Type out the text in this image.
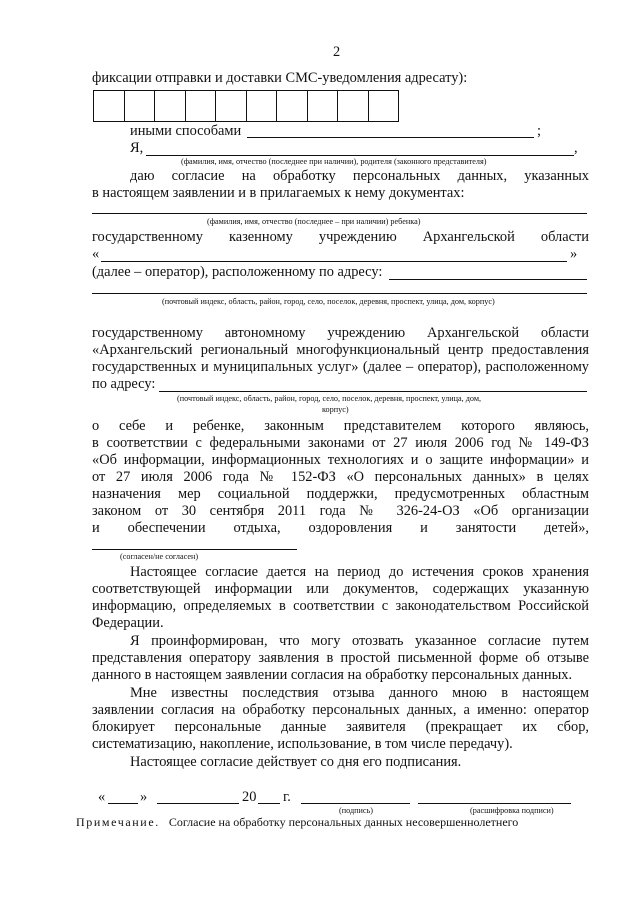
2
фиксации отправки и доставки СМС-уведомления адресату):
иными способами	;
Я,	,
(фамилия, имя, отчество (последнее при наличии), родителя (законного представителя)
даю согласие на обработку персональных данных, указанных
в настоящем заявлении и в прилагаемых к нему документах:
(фамилия, имя, отчество (последнее – при наличии) ребенка)
государственному казенному учреждению Архангельской области
«	»
(далее – оператор), расположенному по адресу:
(почтовый индекс, область, район, город, село, поселок, деревня, проспект, улица, дом, корпус)
государственному автономному учреждению Архангельской области
«Архангельский региональный многофункциональный центр предоставления
государственных и муниципальных услуг» (далее – оператор), расположенному
по адресу:
(почтовый индекс, область, район, город, село, поселок, деревня, проспект, улица, дом,
корпус)
о себе и ребенке, законным представителем которого являюсь,
в соответствии с федеральными законами от 27 июля 2006 год № 149-ФЗ
«Об информации, информационных технологиях и о защите информации» и
от 27 июля 2006 года № 152-ФЗ «О персональных данных» в целях
назначения мер социальной поддержки, предусмотренных областным
законом от 30 сентября 2011 года № 326-24-ОЗ «Об организации
и обеспечении отдыха, оздоровления и занятости детей»,
(согласен/не согласен)
Настоящее согласие дается на период до истечения сроков хранения
соответствующей информации или документов, содержащих указанную
информацию, определяемых в соответствии с законодательством Российской
Федерации.
Я проинформирован, что могу отозвать указанное согласие путем
представления оператору заявления в простой письменной форме об отзыве
данного в настоящем заявлении согласия на обработку персональных данных.
Мне известны последствия отзыва данного мною в настоящем
заявлении согласия на обработку персональных данных, а именно: оператор
блокирует персональные данные заявителя (прекращает их сбор,
систематизацию, накопление, использование, в том числе передачу).
Настоящее согласие действует со дня его подписания.
« »	20 г.
(подпись)	(расшифровка подписи)
Примечание. Согласие на обработку персональных данных несовершеннолетнего
